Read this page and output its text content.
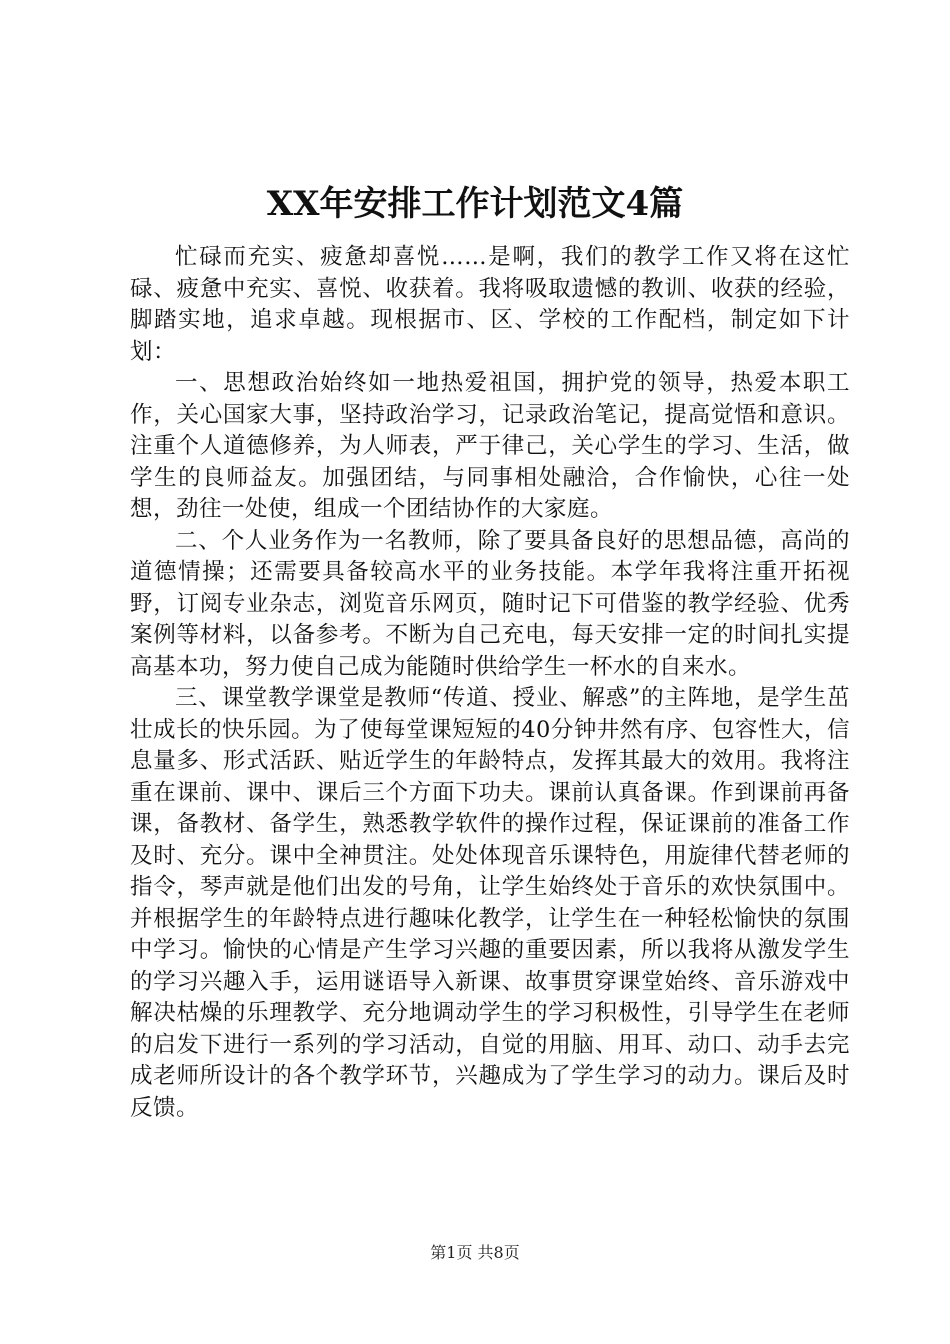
XX年安排工作计划范文4篇

忙碌而充实、疲惫却喜悦……是啊，我们的教学工作又将在这忙碌、疲惫中充实、喜悦、收获着。我将吸取遗憾的教训、收获的经验，脚踏实地，追求卓越。现根据市、区、学校的工作配档，制定如下计划：

一、思想政治始终如一地热爱祖国，拥护党的领导，热爱本职工作，关心国家大事，坚持政治学习，记录政治笔记，提高觉悟和意识。注重个人道德修养，为人师表，严于律己，关心学生的学习、生活，做学生的良师益友。加强团结，与同事相处融洽，合作愉快，心往一处想，劲往一处使，组成一个团结协作的大家庭。

二、个人业务作为一名教师，除了要具备良好的思想品德，高尚的道德情操；还需要具备较高水平的业务技能。本学年我将注重开拓视野，订阅专业杂志，浏览音乐网页，随时记下可借鉴的教学经验、优秀案例等材料，以备参考。不断为自己充电，每天安排一定的时间扎实提高基本功，努力使自己成为能随时供给学生一杯水的自来水。

三、课堂教学课堂是教师“传道、授业、解惑”的主阵地，是学生茁壮成长的快乐园。为了使每堂课短短的40分钟井然有序、包容性大，信息量多、形式活跃、贴近学生的年龄特点，发挥其最大的效用。我将注重在课前、课中、课后三个方面下功夫。课前认真备课。作到课前再备课，备教材、备学生，熟悉教学软件的操作过程，保证课前的准备工作及时、充分。课中全神贯注。处处体现音乐课特色，用旋律代替老师的指令，琴声就是他们出发的号角，让学生始终处于音乐的欢快氛围中。并根据学生的年龄特点进行趣味化教学，让学生在一种轻松愉快的氛围中学习。愉快的心情是产生学习兴趣的重要因素，所以我将从激发学生的学习兴趣入手，运用谜语导入新课、故事贯穿课堂始终、音乐游戏中解决枯燥的乐理教学、充分地调动学生的学习积极性，引导学生在老师的启发下进行一系列的学习活动，自觉的用脑、用耳、动口、动手去完成老师所设计的各个教学环节，兴趣成为了学生学习的动力。课后及时反馈。

第1页 共8页
